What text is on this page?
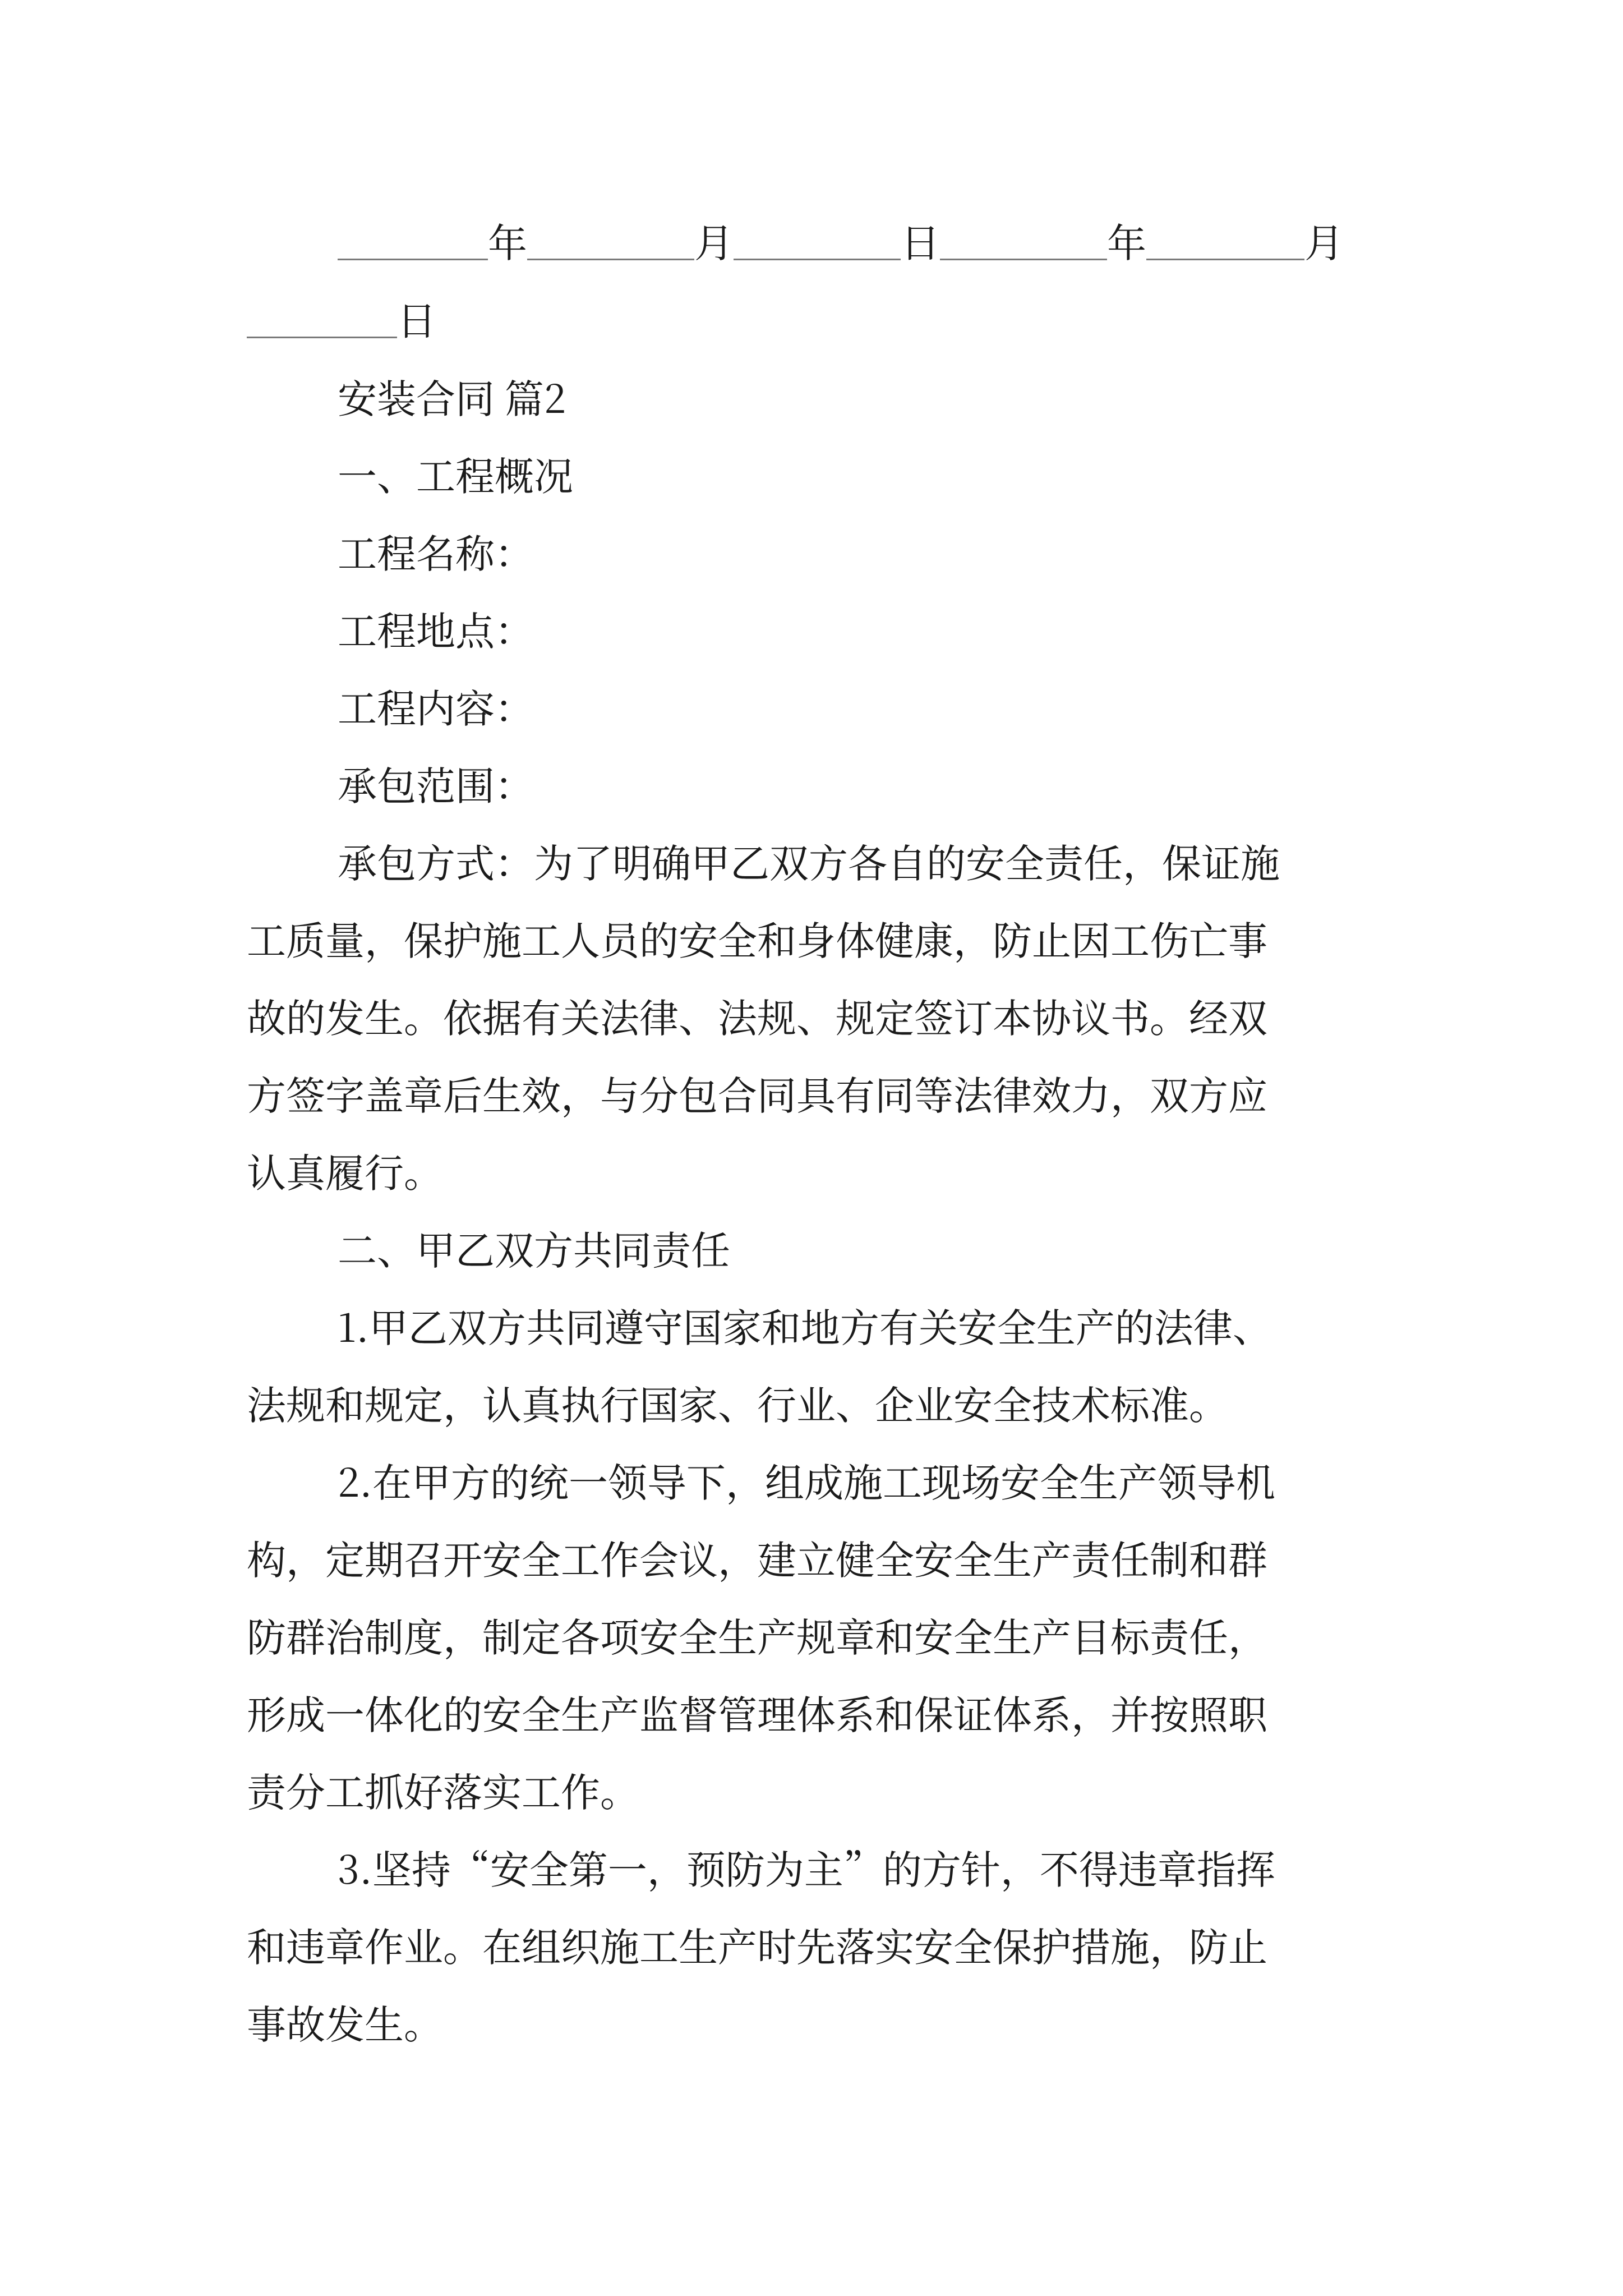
年	月	日	年	月
日
安装合同 篇2
一、工程概况
工程名称：
工程地点：
工程内容：
承包范围：
承包方式：为了明确甲乙双方各自的安全责任，保证施
工质量，保护施工人员的安全和身体健康，防止因工伤亡事
故的发生。依据有关法律、法规、规定签订本协议书。经双
方签字盖章后生效，与分包合同具有同等法律效力，双方应
认真履行。
二、甲乙双方共同责任
1.甲乙双方共同遵守国家和地方有关安全生产的法律、
法规和规定，认真执行国家、行业、企业安全技术标准。
2.在甲方的统一领导下，组成施工现场安全生产领导机
构，定期召开安全工作会议，建立健全安全生产责任制和群
防群治制度，制定各项安全生产规章和安全生产目标责任，
形成一体化的安全生产监督管理体系和保证体系，并按照职
责分工抓好落实工作。
3.坚持“安全第一，预防为主”的方针，不得违章指挥
和违章作业。在组织施工生产时先落实安全保护措施，防止
事故发生。
